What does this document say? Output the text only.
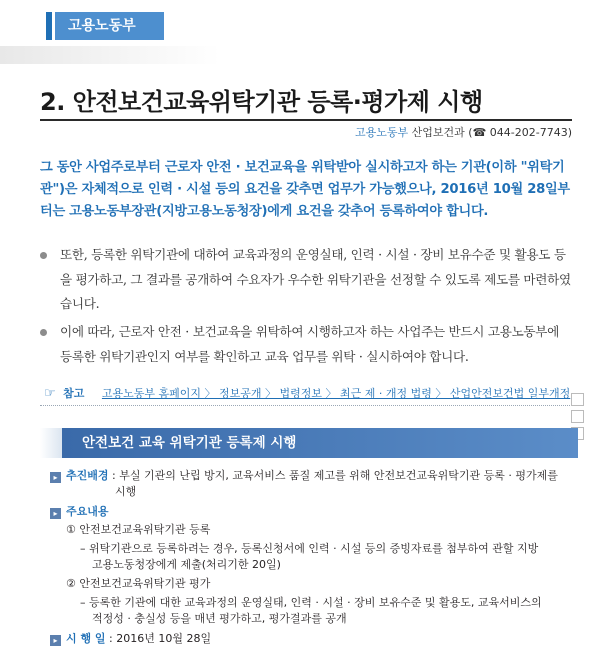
고용노동부
2. 안전보건교육위탁기관 등록·평가제 시행
고용노동부 산업보건과 (☎ 044-202-7743)
그 동안 사업주로부터 근로자 안전 · 보건교육을 위탁받아 실시하고자 하는 기관(이하 "위탁기관")은 자체적으로 인력 · 시설 등의 요건을 갖추면 업무가 가능했으나, 2016년 10월 28일부터는 고용노동부장관(지방고용노동청장)에게 요건을 갖추어 등록하여야 합니다.
또한, 등록한 위탁기관에 대하여 교육과정의 운영실태, 인력 · 시설 · 장비 보유수준 및 활용도 등을 평가하고, 그 결과를 공개하여 수요자가 우수한 위탁기관을 선정할 수 있도록 제도를 마련하였습니다.
이에 따라, 근로자 안전 · 보건교육을 위탁하여 시행하고자 하는 사업주는 반드시 고용노동부에 등록한 위탁기관인지 여부를 확인하고 교육 업무를 위탁 · 실시하여야 합니다.
☞ 참고 고용노동부 홈페이지 〉 정보공개 〉 법령정보 〉 최근 제 · 개정 법령 〉 산업안전보건법 일부개정
안전보건 교육 위탁기관 등록제 시행
▸ 추진배경 : 부실 기관의 난립 방지, 교육서비스 품질 제고를 위해 안전보건교육위탁기관 등록 · 평가제를
시행
▸ 주요내용
① 안전보건교육위탁기관 등록
– 위탁기관으로 등록하려는 경우, 등록신청서에 인력 · 시설 등의 증빙자료를 첨부하여 관할 지방
고용노동청장에게 제출(처리기한 20일)
② 안전보건교육위탁기관 평가
– 등록한 기관에 대한 교육과정의 운영실태, 인력 · 시설 · 장비 보유수준 및 활용도, 교육서비스의
적정성 · 충실성 등을 매년 평가하고, 평가결과를 공개
▸ 시 행 일 : 2016년 10월 28일
